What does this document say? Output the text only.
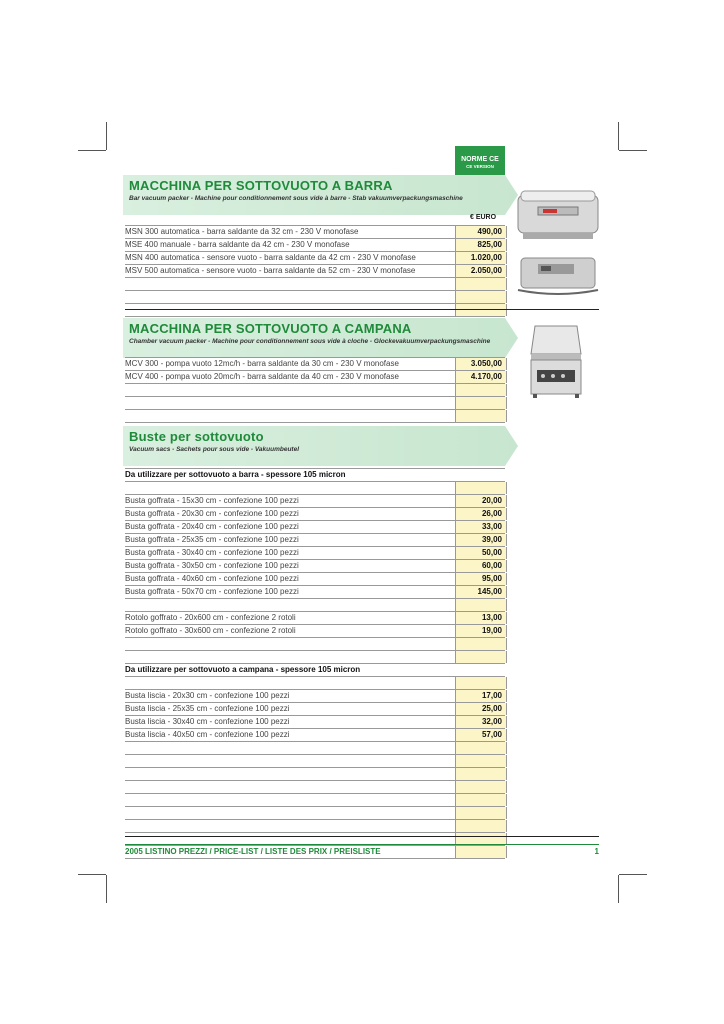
NORME CE
CE VERSION
MACCHINA PER SOTTOVUOTO A BARRA
Bar vacuum packer - Machine pour conditionnement sous vide à barre - Stab vakuumverpackungsmaschine
€ EURO
MSN 300 automatica - barra saldante da 32 cm - 230 V monofase	490,00
MSE 400 manuale - barra saldante da 42 cm - 230 V monofase	825,00
MSN 400 automatica - sensore vuoto - barra saldante da 42 cm - 230 V monofase	1.020,00
MSV 500 automatica - sensore vuoto - barra saldante da 52 cm - 230 V monofase	2.050,00
MACCHINA PER SOTTOVUOTO A CAMPANA
Chamber vacuum packer - Machine pour conditionnement sous vide à cloche - Glockevakuumverpackungsmaschine
MCV 300 - pompa vuoto 12mc/h - barra saldante da 30 cm - 230 V monofase	3.050,00
MCV 400 - pompa vuoto 20mc/h - barra saldante da 40 cm - 230 V monofase	4.170,00
Buste per sottovuoto
Vacuum sacs - Sachets pour sous vide - Vakuumbeutel
Da utilizzare per sottovuoto a barra - spessore 105 micron
Busta goffrata - 15x30 cm - confezione 100 pezzi	20,00
Busta goffrata - 20x30 cm - confezione 100 pezzi	26,00
Busta goffrata - 20x40 cm - confezione 100 pezzi	33,00
Busta goffrata - 25x35 cm - confezione 100 pezzi	39,00
Busta goffrata - 30x40 cm - confezione 100 pezzi	50,00
Busta goffrata - 30x50 cm - confezione 100 pezzi	60,00
Busta goffrata - 40x60 cm - confezione 100 pezzi	95,00
Busta goffrata - 50x70 cm - confezione 100 pezzi	145,00
Rotolo goffrato - 20x600 cm - confezione 2 rotoli	13,00
Rotolo goffrato - 30x600 cm - confezione 2 rotoli	19,00
Da utilizzare per sottovuoto a campana - spessore 105 micron
Busta liscia - 20x30 cm - confezione 100 pezzi	17,00
Busta liscia - 25x35 cm - confezione 100 pezzi	25,00
Busta liscia - 30x40 cm - confezione 100 pezzi	32,00
Busta liscia - 40x50 cm - confezione 100 pezzi	57,00
2005 LISTINO PREZZI / PRICE-LIST / LISTE DES PRIX / PREISLISTE	1
